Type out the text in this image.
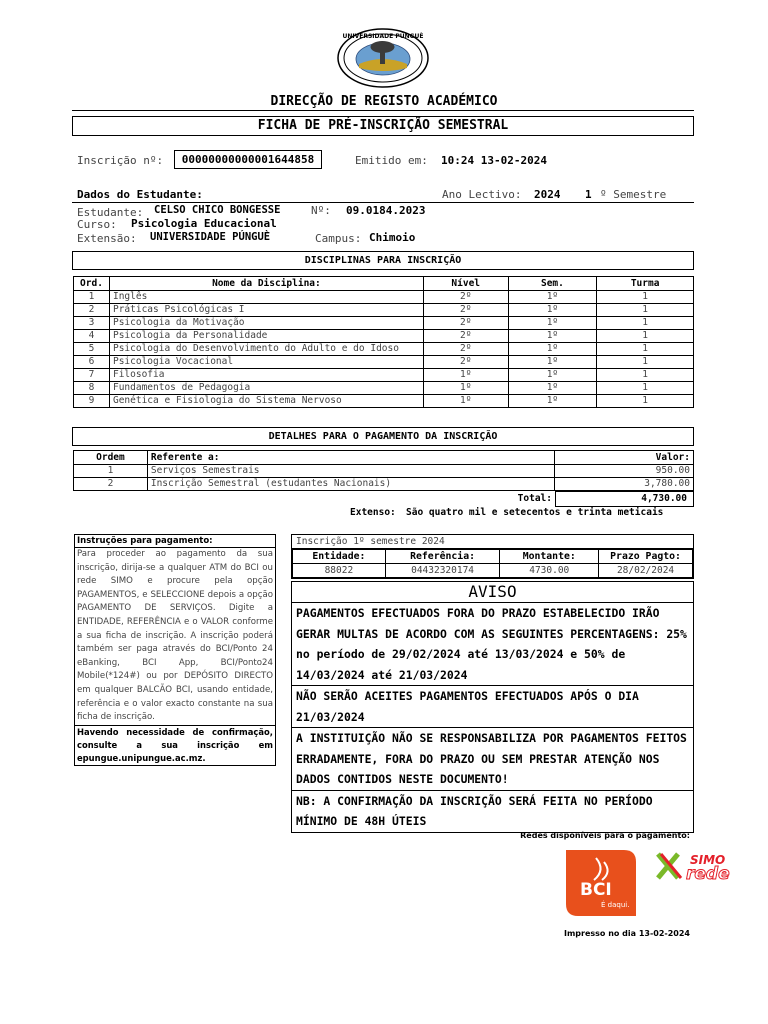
UNIVERSIDADE PÚNGUÈ
DIRECÇÃO DE REGISTO ACADÉMICO
FICHA DE PRÉ-INSCRIÇÃO SEMESTRAL
Inscrição nº:	00000000000001644858	Emitido em: 10:24 13-02-2024
Dados do Estudante:	Ano Lectivo: 2024 1 º Semestre
Estudante: CELSO CHICO BONGESSE	Nº: 09.0184.2023
Curso: Psicologia Educacional
Extensão: UNIVERSIDADE PÚNGUÈ	Campus: Chimoio
DISCIPLINAS PARA INSCRIÇÃO
Ord.	Nome da Disciplina:	Nível	Sem.	Turma
1	Inglês	2º	1º	1
2	Práticas Psicológicas I	2º	1º	1
3	Psicologia da Motivação	2º	1º	1
4	Psicologia da Personalidade	2º	1º	1
5	Psicologia do Desenvolvimento do Adulto e do Idoso	2º	1º	1
6	Psicologia Vocacional	2º	1º	1
7	Filosofia	1º	1º	1
8	Fundamentos de Pedagogia	1º	1º	1
9	Genética e Fisiologia do Sistema Nervoso	1º	1º	1
DETALHES PARA O PAGAMENTO DA INSCRIÇÃO
Ordem	Referente a:	Valor:
1	Serviços Semestrais	950.00
2	Inscrição Semestral (estudantes Nacionais)	3,780.00
Total:	4,730.00
Extenso: São quatro mil e setecentos e trinta meticais
Instruções para pagamento:
Para proceder ao pagamento da sua inscrição, dirija-se a qualquer ATM do BCI ou rede SIMO e procure pela opção PAGAMENTOS, e SELECCIONE depois a opção PAGAMENTO DE SERVIÇOS. Digite a ENTIDADE, REFERÊNCIA e o VALOR conforme a sua ficha de inscrição. A inscrição poderá também ser paga através do BCI/Ponto 24 eBanking, BCI App, BCI/Ponto24 Mobile(*124#) ou por DEPÓSITO DIRECTO em qualquer BALCÃO BCI, usando entidade, referência e o valor exacto constante na sua ficha de inscrição.
Havendo necessidade de confirmação, consulte a sua inscrição em epungue.unipungue.ac.mz.
Inscrição 1º semestre 2024
Entidade:	Referência:	Montante:	Prazo Pagto:
88022	04432320174	4730.00	28/02/2024
AVISO
PAGAMENTOS EFECTUADOS FORA DO PRAZO ESTABELECIDO IRÃO GERAR MULTAS DE ACORDO COM AS SEGUINTES PERCENTAGENS: 25% no período de 29/02/2024 até 13/03/2024 e 50% de 14/03/2024 até 21/03/2024
NÃO SERÃO ACEITES PAGAMENTOS EFECTUADOS APÓS O DIA 21/03/2024
A INSTITUIÇÃO NÃO SE RESPONSABILIZA POR PAGAMENTOS FEITOS ERRADAMENTE, FORA DO PRAZO OU SEM PRESTAR ATENÇÃO NOS DADOS CONTIDOS NESTE DOCUMENTO!
NB: A CONFIRMAÇÃO DA INSCRIÇÃO SERÁ FEITA NO PERÍODO MÍNIMO DE 48H ÚTEIS
Redes disponíveis para o pagamento:
BCI
É daqui.
SIMO
rede
Impresso no dia 13-02-2024
